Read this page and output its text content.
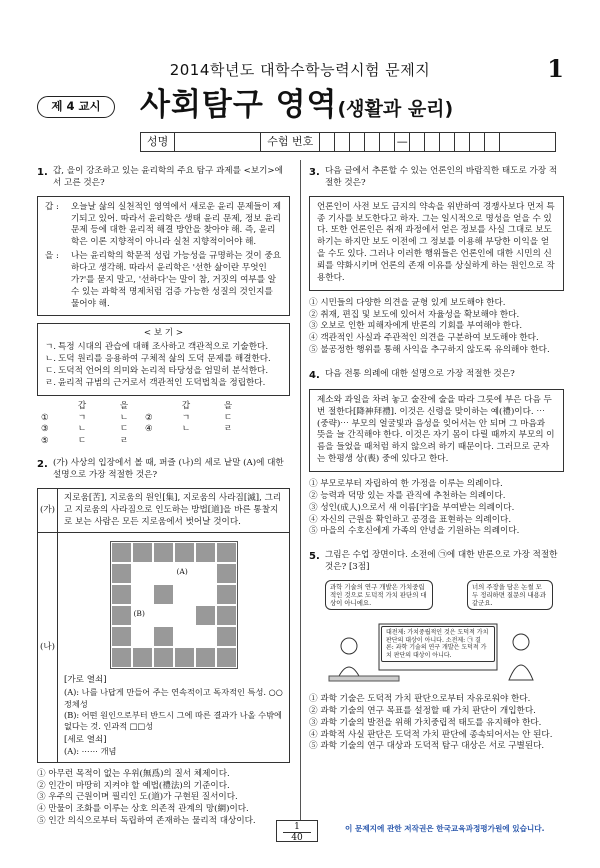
2014학년도 대학수학능력시험 문제지	1
제 4 교시	사회탐구 영역(생활과 윤리)
성명	수험 번호	—
1. 갑, 을이 강조하고 있는 윤리학의 주요 탐구 과제를 <보기>에서 고른 것은?
갑 :	오늘날 삶의 실천적인 영역에서 새로운 윤리 문제들이 제기되고 있어. 따라서 윤리학은 생태 윤리 문제, 정보 윤리 문제 등에 대한 윤리적 해결 방안을 찾아야 해. 즉, 윤리학은 이론 지향적이 아니라 실천 지향적이어야 해.
을 :	나는 윤리학의 학문적 성립 가능성을 규명하는 것이 중요하다고 생각해. 따라서 윤리학은 '선한 삶이란 무엇인가?'를 묻지 말고, '선하다'는 말이 참, 거짓의 여부를 알 수 있는 과학적 명제처럼 검증 가능한 성질의 것인지를 물어야 해.
< 보 기 >
ㄱ. 특정 시대의 관습에 대해 조사하고 객관적으로 기술한다.
ㄴ. 도덕 원리를 응용하여 구체적 삶의 도덕 문제를 해결한다.
ㄷ. 도덕적 언어의 의미와 논리적 타당성을 엄밀히 분석한다.
ㄹ. 윤리적 규범의 근거로서 객관적인 도덕법칙을 정립한다.
갑	을	갑	을
①	ㄱ	ㄴ	②	ㄱ	ㄷ
③	ㄴ	ㄷ	④	ㄴ	ㄹ
⑤	ㄷ	ㄹ
2. (가) 사상의 입장에서 볼 때, 퍼즐 (나)의 세로 낱말 (A)에 대한 설명으로 가장 적절한 것은?
(가)
지로움[苦], 지로움의 원인[集], 지로움의 사라짐[滅], 그리고 지로움의 사라짐으로 인도하는 방법[道]을 바른 통찰지로 보는 사람은 모든 지로움에서 벗어날 것이다.
(나)
(A)
(B)
[가로 열쇠]
(A): 나를 나답게 만들어 주는 연속적이고 독자적인 특성. ○○정체성
(B): 어떤 원인으로부터 반드시 그에 따른 결과가 나올 수밖에 없다는 것. 인과적 □□성
[세로 열쇠]
(A): ⋯⋯ 개념
① 아무런 목적이 없는 우위(無爲)의 질서 체제이다.
② 인간이 마땅히 지켜야 할 예법(禮法)의 기준이다.
③ 우주의 근원이며 필리인 도(道)가 구현된 질서이다.
④ 만물이 조화를 이루는 상호 의존적 관계의 망(網)이다.
⑤ 인간 의식으로부터 독립하여 존재하는 물리적 대상이다.
3. 다음 글에서 추론할 수 있는 언론인의 바람직한 태도로 가장 적절한 것은?
언론인이 사전 보도 금지의 약속을 위반하여 경쟁사보다 먼저 특종 기사를 보도한다고 하자. 그는 일시적으로 명성을 얻을 수 있다. 또한 언론인은 취재 과정에서 얻은 정보를 사실 그대로 보도하기는 하지만 보도 이전에 그 정보를 이용해 부당한 이익을 얻을 수도 있다. 그러나 이러한 행위들은 언론인에 대한 시민의 신뢰를 약화시키며 언론의 존재 이유를 상실하게 하는 원인으로 작용한다.
① 시민들의 다양한 의견을 균형 있게 보도해야 한다.
② 취재, 편집 및 보도에 있어서 자율성을 확보해야 한다.
③ 오보로 인한 피해자에게 반론의 기회를 부여해야 한다.
④ 객관적인 사실과 주관적인 의견을 구분하여 보도해야 한다.
⑤ 불공정한 행위를 통해 사익을 추구하지 않도록 유의해야 한다.
4. 다음 전통 의례에 대한 설명으로 가장 적절한 것은?
제소와 과일을 차려 놓고 술잔에 술을 따라 그릇에 부은 다음 두 번 절한다[降神拜禮]. 이것은 신령을 맞이하는 예(禮)이다. ⋯(중략)⋯ 부모의 얼굴빛과 음성을 잊어서는 안 되며 그 마음과 뜻을 늘 간직해야 한다. 이것은 자기 몸이 다릴 때까지 부모의 이름을 들었을 때처럼 하지 않으려 하기 때문이다. 그러므로 군자는 한평생 상(喪) 중에 있다고 한다.
① 부모로부터 자립하여 한 가정을 이루는 의례이다.
② 능력과 덕망 있는 자를 관직에 추천하는 의례이다.
③ 성인(成人)으로서 새 이름[字]을 부여받는 의례이다.
④ 자신의 근원을 확인하고 공경을 표현하는 의례이다.
⑤ 마을의 수호신에게 가족의 안녕을 기원하는 의례이다.
5. 그림은 수업 장면이다. 소전에 ㉠에 대한 반론으로 가장 적절한 것은? [3점]
과학 기술의 연구 개발은 가치중립적인 것으로 도덕적 가치 판단의 대상이 아니에요.
너의 주장을 담은 논썰 모두 정리하면 질문의 내용과 같군요.
대전제: 가치중립적인 것은 도덕적 가치 판단의 대상이 아니다. 소전제: ㉠ 결 론: 과학 기술의 연구 개발은 도덕적 가치 판단의 대상이 아니다.
① 과학 기술은 도덕적 가치 판단으로부터 자유로워야 한다.
② 과학 기술의 연구 목표를 설정할 때 가치 판단이 개입한다.
③ 과학 기술의 발전을 위해 가치중립적 태도를 유지해야 한다.
④ 과학적 사실 판단은 도덕적 가치 판단에 종속되어서는 안 된다.
⑤ 과학 기술의 연구 대상과 도덕적 탐구 대상은 서로 구별된다.
1
40
이 문제지에 관한 저작권은 한국교육과정평가원에 있습니다.
